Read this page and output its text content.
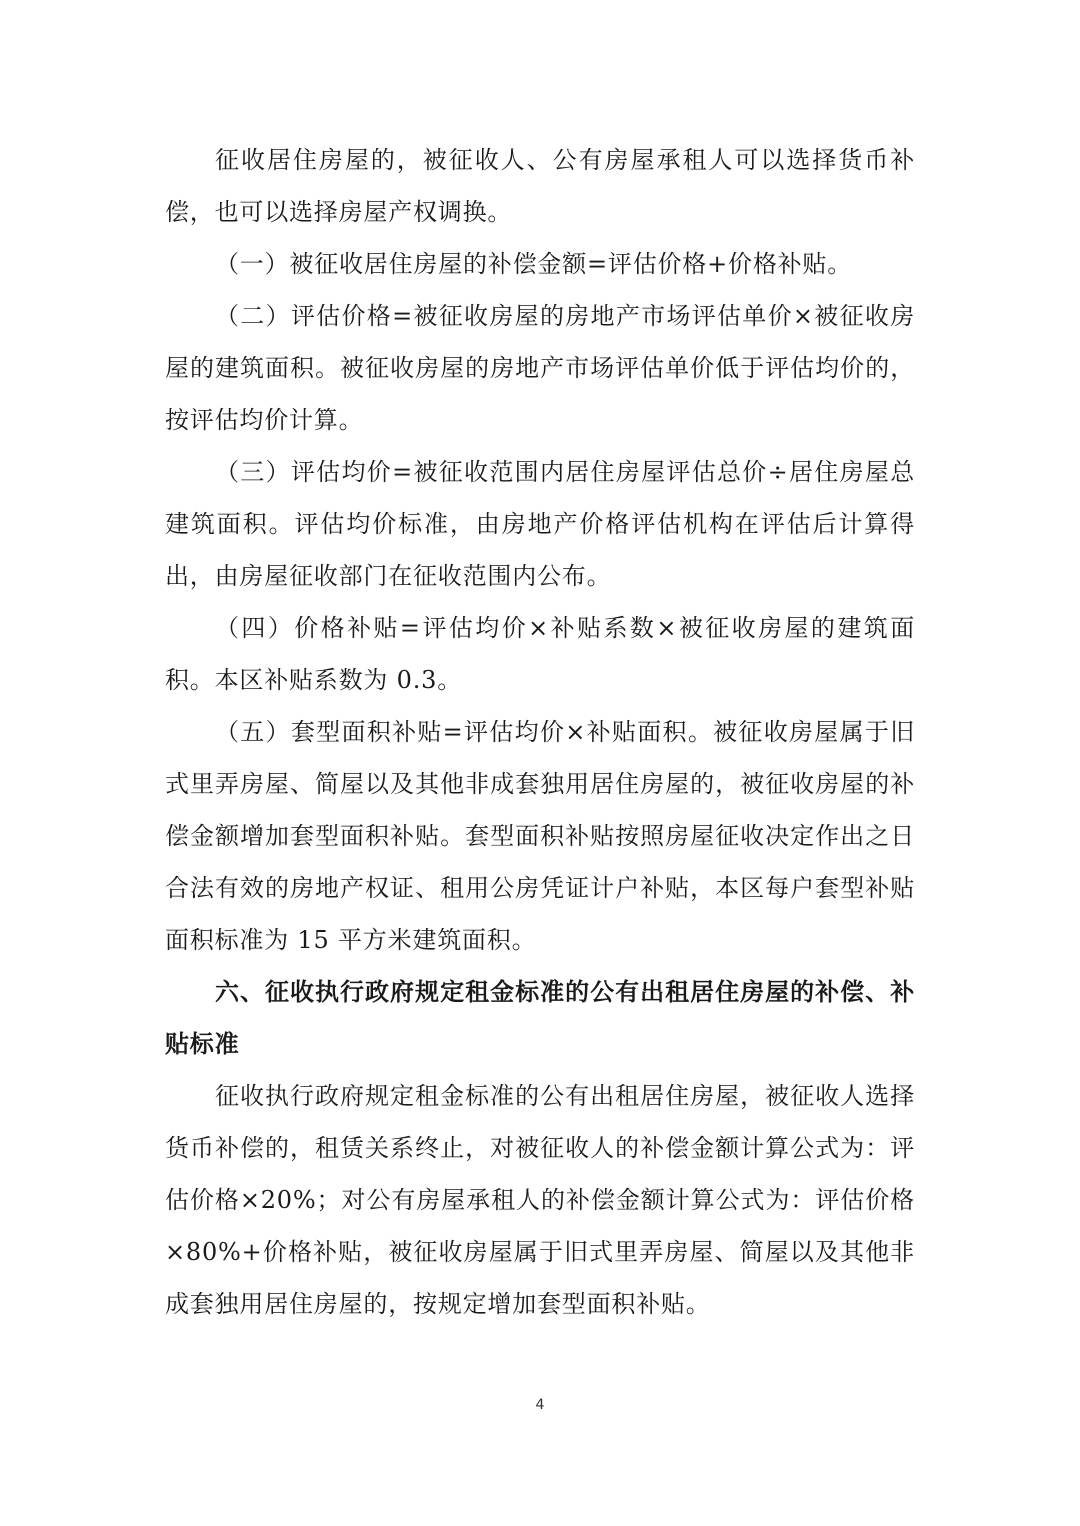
征收居住房屋的，被征收人、公有房屋承租人可以选择货币补偿，也可以选择房屋产权调换。

（一）被征收居住房屋的补偿金额=评估价格+价格补贴。

（二）评估价格=被征收房屋的房地产市场评估单价×被征收房屋的建筑面积。被征收房屋的房地产市场评估单价低于评估均价的，按评估均价计算。

（三）评估均价=被征收范围内居住房屋评估总价÷居住房屋总建筑面积。评估均价标准，由房地产价格评估机构在评估后计算得出，由房屋征收部门在征收范围内公布。

（四）价格补贴=评估均价×补贴系数×被征收房屋的建筑面积。本区补贴系数为 0.3。

（五）套型面积补贴=评估均价×补贴面积。被征收房屋属于旧式里弄房屋、简屋以及其他非成套独用居住房屋的，被征收房屋的补偿金额增加套型面积补贴。套型面积补贴按照房屋征收决定作出之日合法有效的房地产权证、租用公房凭证计户补贴，本区每户套型补贴面积标准为 15 平方米建筑面积。

六、征收执行政府规定租金标准的公有出租居住房屋的补偿、补贴标准

征收执行政府规定租金标准的公有出租居住房屋，被征收人选择货币补偿的，租赁关系终止，对被征收人的补偿金额计算公式为：评估价格×20%；对公有房屋承租人的补偿金额计算公式为：评估价格×80%+价格补贴，被征收房屋属于旧式里弄房屋、简屋以及其他非成套独用居住房屋的，按规定增加套型面积补贴。

4
